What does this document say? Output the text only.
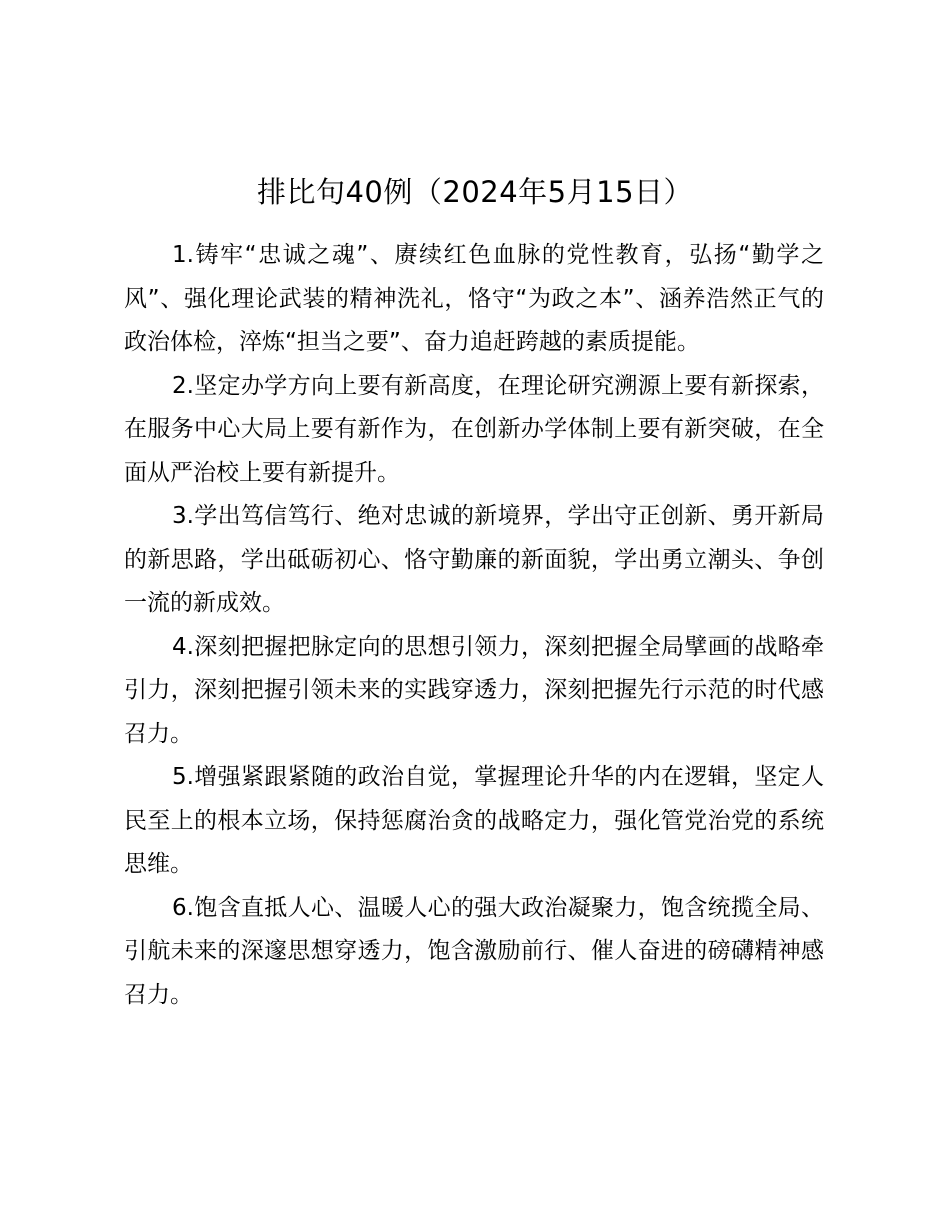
排比句40例（2024年5月15日）

1.铸牢“忠诚之魂”、赓续红色血脉的党性教育，弘扬“勤学之风”、强化理论武装的精神洗礼，恪守“为政之本”、涵养浩然正气的政治体检，淬炼“担当之要”、奋力追赶跨越的素质提能。

2.坚定办学方向上要有新高度，在理论研究溯源上要有新探索，在服务中心大局上要有新作为，在创新办学体制上要有新突破，在全面从严治校上要有新提升。

3.学出笃信笃行、绝对忠诚的新境界，学出守正创新、勇开新局的新思路，学出砥砺初心、恪守勤廉的新面貌，学出勇立潮头、争创一流的新成效。

4.深刻把握把脉定向的思想引领力，深刻把握全局擘画的战略牵引力，深刻把握引领未来的实践穿透力，深刻把握先行示范的时代感召力。

5.增强紧跟紧随的政治自觉，掌握理论升华的内在逻辑，坚定人民至上的根本立场，保持惩腐治贪的战略定力，强化管党治党的系统思维。

6.饱含直抵人心、温暖人心的强大政治凝聚力，饱含统揽全局、引航未来的深邃思想穿透力，饱含激励前行、催人奋进的磅礴精神感召力。
